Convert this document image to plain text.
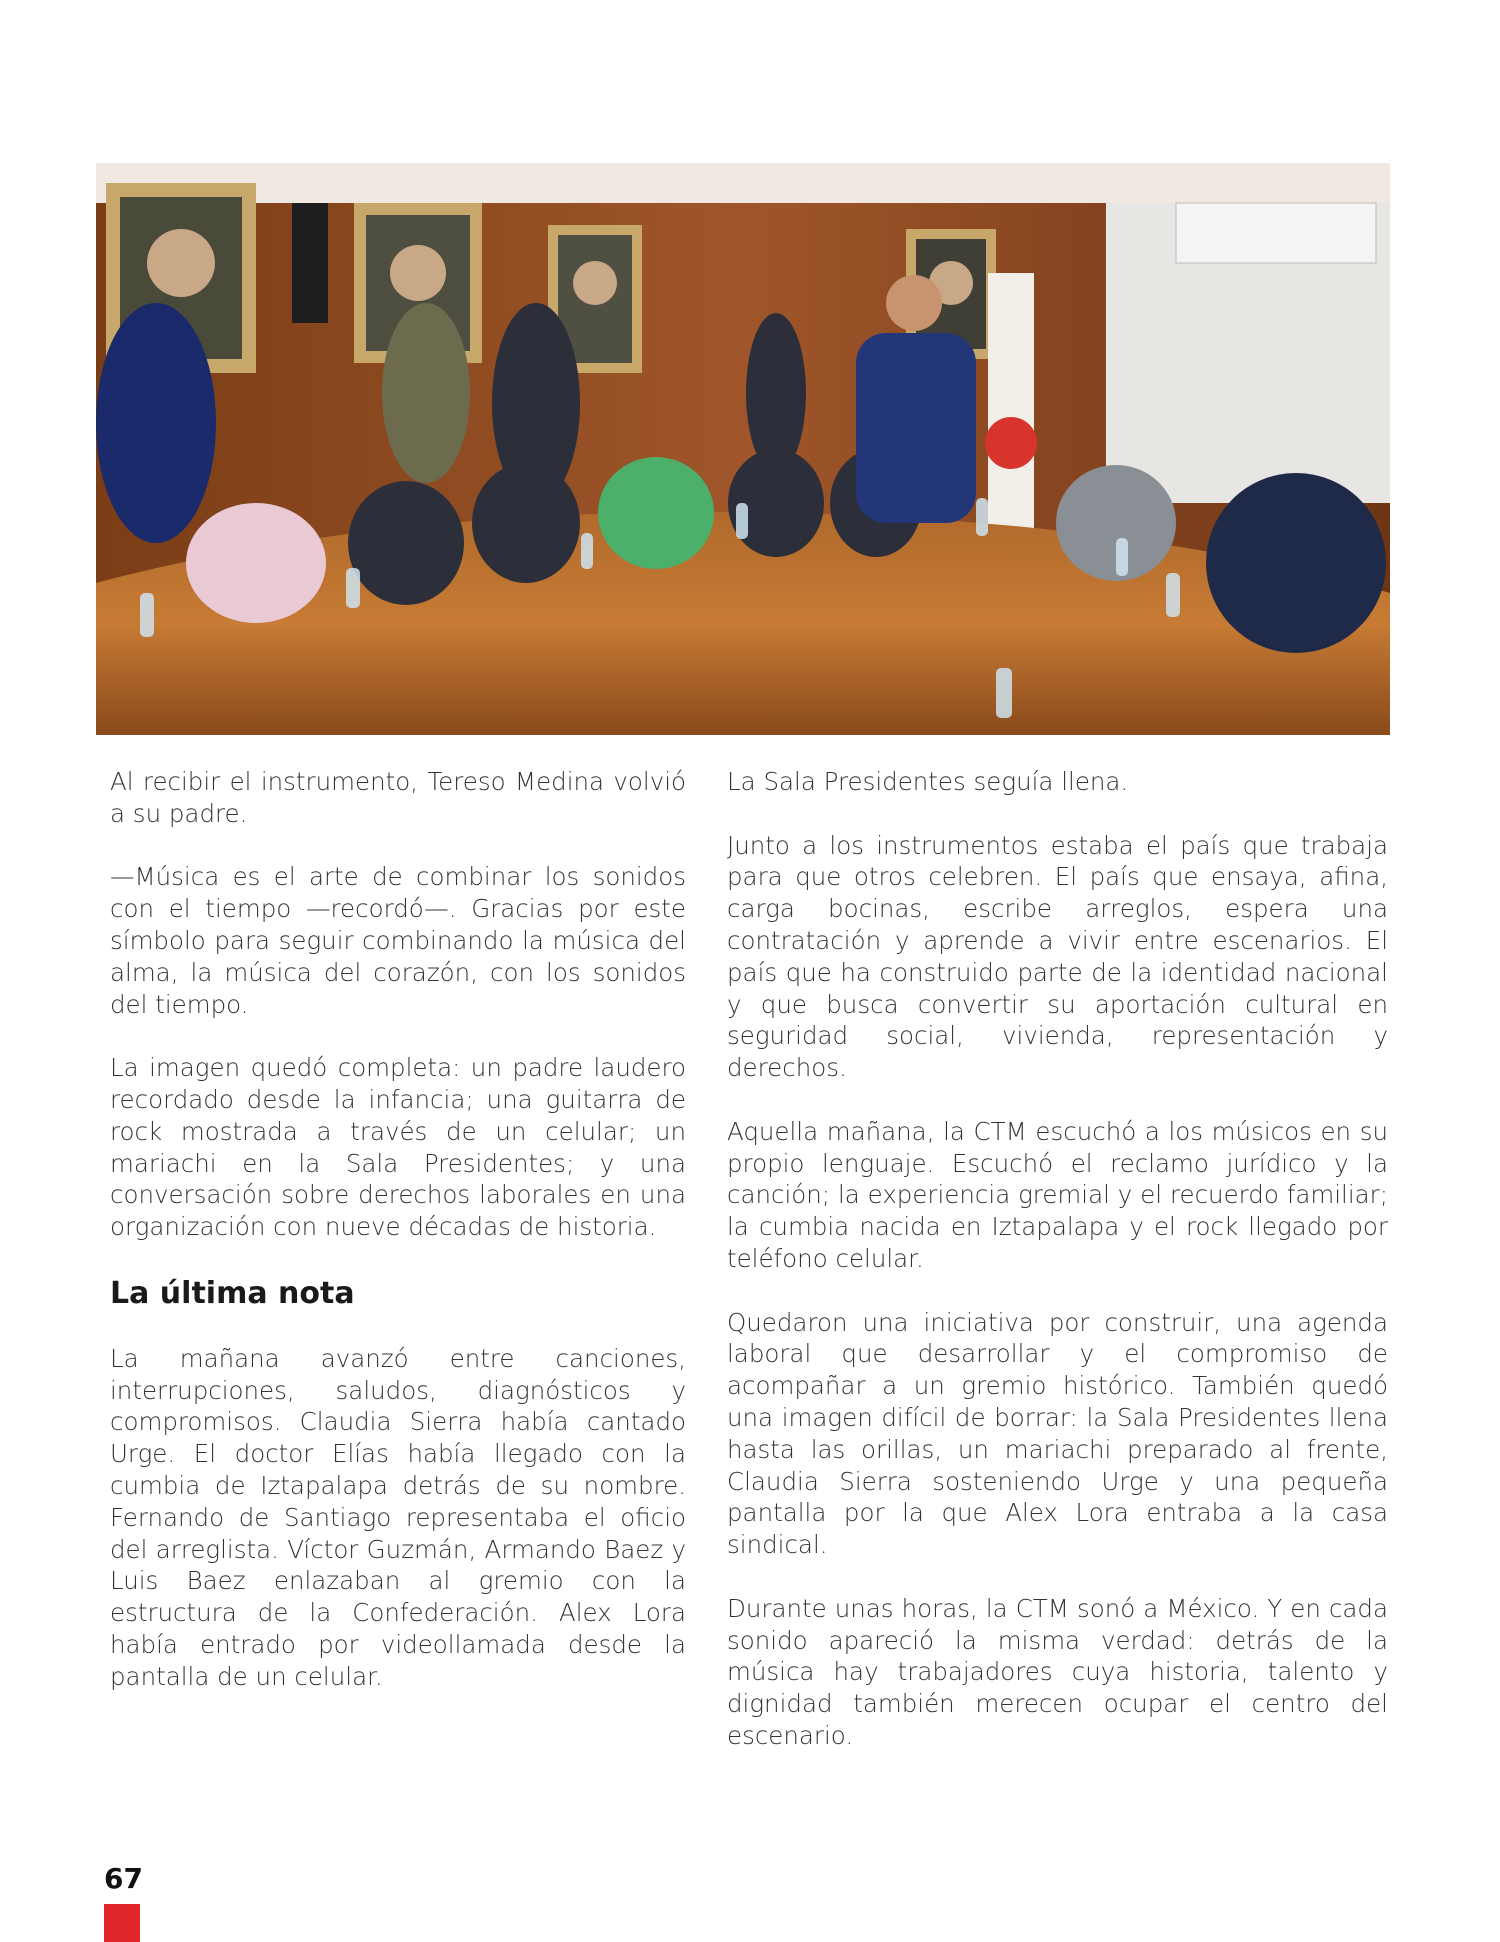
Al recibir el instrumento, Tereso Medina volvió a su padre.

—Música es el arte de combinar los sonidos con el tiempo —recordó—. Gracias por este símbolo para seguir combinando la música del alma, la música del corazón, con los sonidos del tiempo.

La imagen quedó completa: un padre laudero recordado desde la infancia; una guitarra de rock mostrada a través de un celular; un mariachi en la Sala Presidentes; y una conversación sobre derechos laborales en una organización con nueve décadas de historia.

La última nota

La mañana avanzó entre canciones, interrupciones, saludos, diagnósticos y compromisos. Claudia Sierra había cantado Urge. El doctor Elías había llegado con la cumbia de Iztapalapa detrás de su nombre. Fernando de Santiago representaba el oficio del arreglista. Víctor Guzmán, Armando Baez y Luis Baez enlazaban al gremio con la estructura de la Confederación. Alex Lora había entrado por videollamada desde la pantalla de un celular.

La Sala Presidentes seguía llena.

Junto a los instrumentos estaba el país que trabaja para que otros celebren. El país que ensaya, afina, carga bocinas, escribe arreglos, espera una contratación y aprende a vivir entre escenarios. El país que ha construido parte de la identidad nacional y que busca convertir su aportación cultural en seguridad social, vivienda, representación y derechos.

Aquella mañana, la CTM escuchó a los músicos en su propio lenguaje. Escuchó el reclamo jurídico y la canción; la experiencia gremial y el recuerdo familiar; la cumbia nacida en Iztapalapa y el rock llegado por teléfono celular.

Quedaron una iniciativa por construir, una agenda laboral que desarrollar y el compromiso de acompañar a un gremio histórico. También quedó una imagen difícil de borrar: la Sala Presidentes llena hasta las orillas, un mariachi preparado al frente, Claudia Sierra sosteniendo Urge y una pequeña pantalla por la que Alex Lora entraba a la casa sindical.

Durante unas horas, la CTM sonó a México. Y en cada sonido apareció la misma verdad: detrás de la música hay trabajadores cuya historia, talento y dignidad también merecen ocupar el centro del escenario.

67
